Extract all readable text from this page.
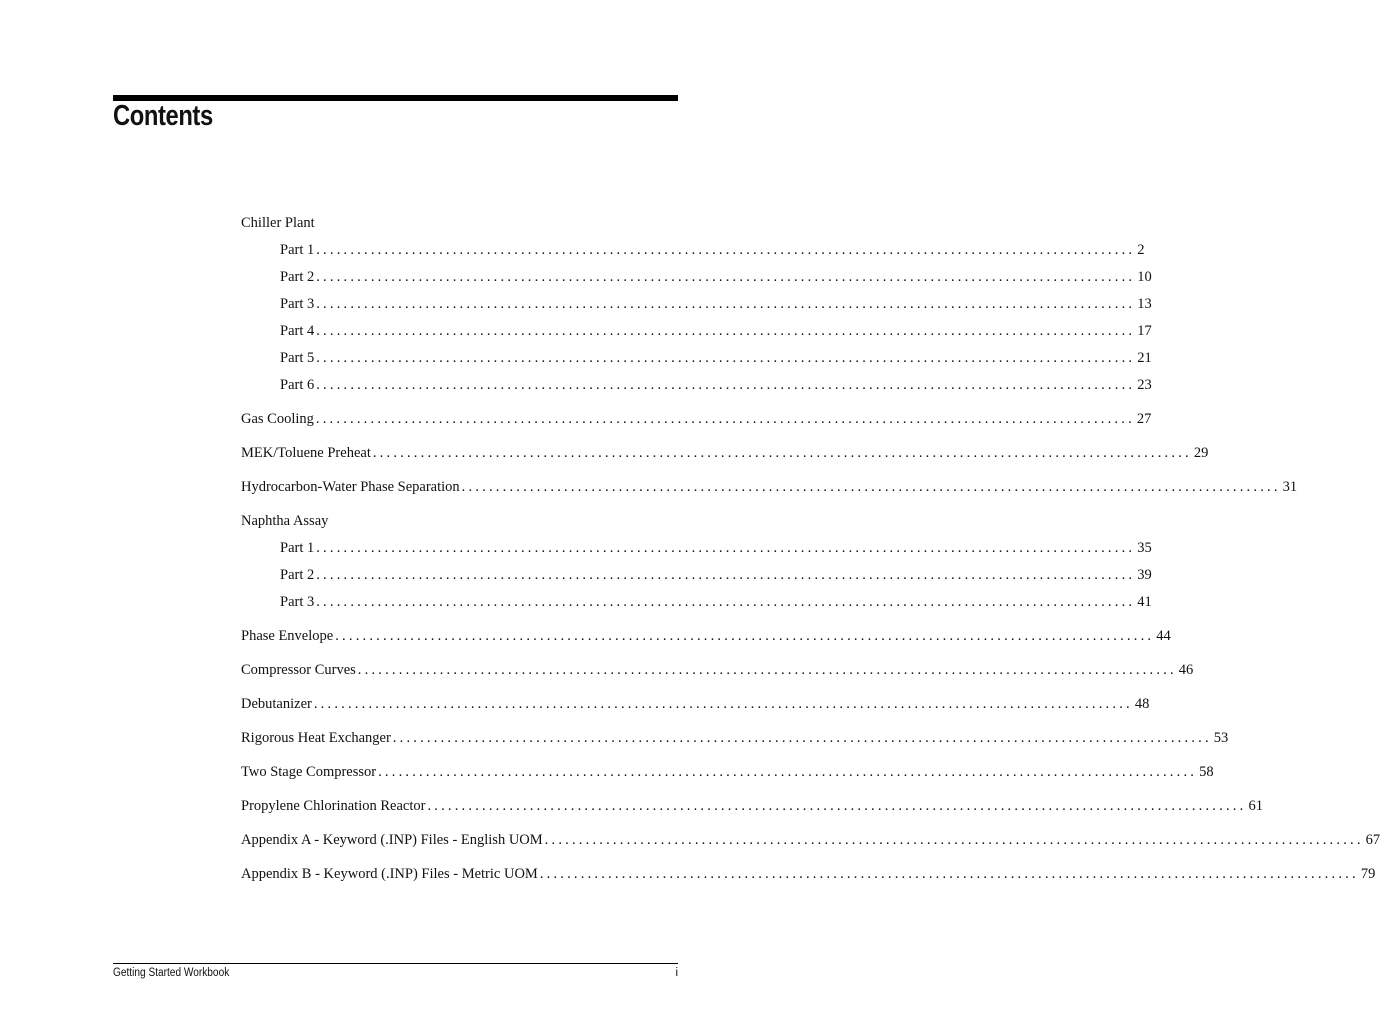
Contents
Chiller Plant
Part 1 ........................................................................................................................ 2
Part 2 ........................................................................................................................ 10
Part 3 ........................................................................................................................ 13
Part 4 ........................................................................................................................ 17
Part 5 ........................................................................................................................ 21
Part 6 ........................................................................................................................ 23
Gas Cooling ........................................................................................................................ 27
MEK/Toluene Preheat ........................................................................................................................ 29
Hydrocarbon-Water Phase Separation ........................................................................................................................ 31
Naphtha Assay
Part 1 ........................................................................................................................ 35
Part 2 ........................................................................................................................ 39
Part 3 ........................................................................................................................ 41
Phase Envelope ........................................................................................................................ 44
Compressor Curves ........................................................................................................................ 46
Debutanizer ........................................................................................................................ 48
Rigorous Heat Exchanger ........................................................................................................................ 53
Two Stage Compressor ........................................................................................................................ 58
Propylene Chlorination Reactor ........................................................................................................................ 61
Appendix A - Keyword (.INP) Files - English UOM ........................................................................................................................ 67
Appendix B - Keyword (.INP) Files - Metric UOM ........................................................................................................................ 79
Getting Started Workbook	i
